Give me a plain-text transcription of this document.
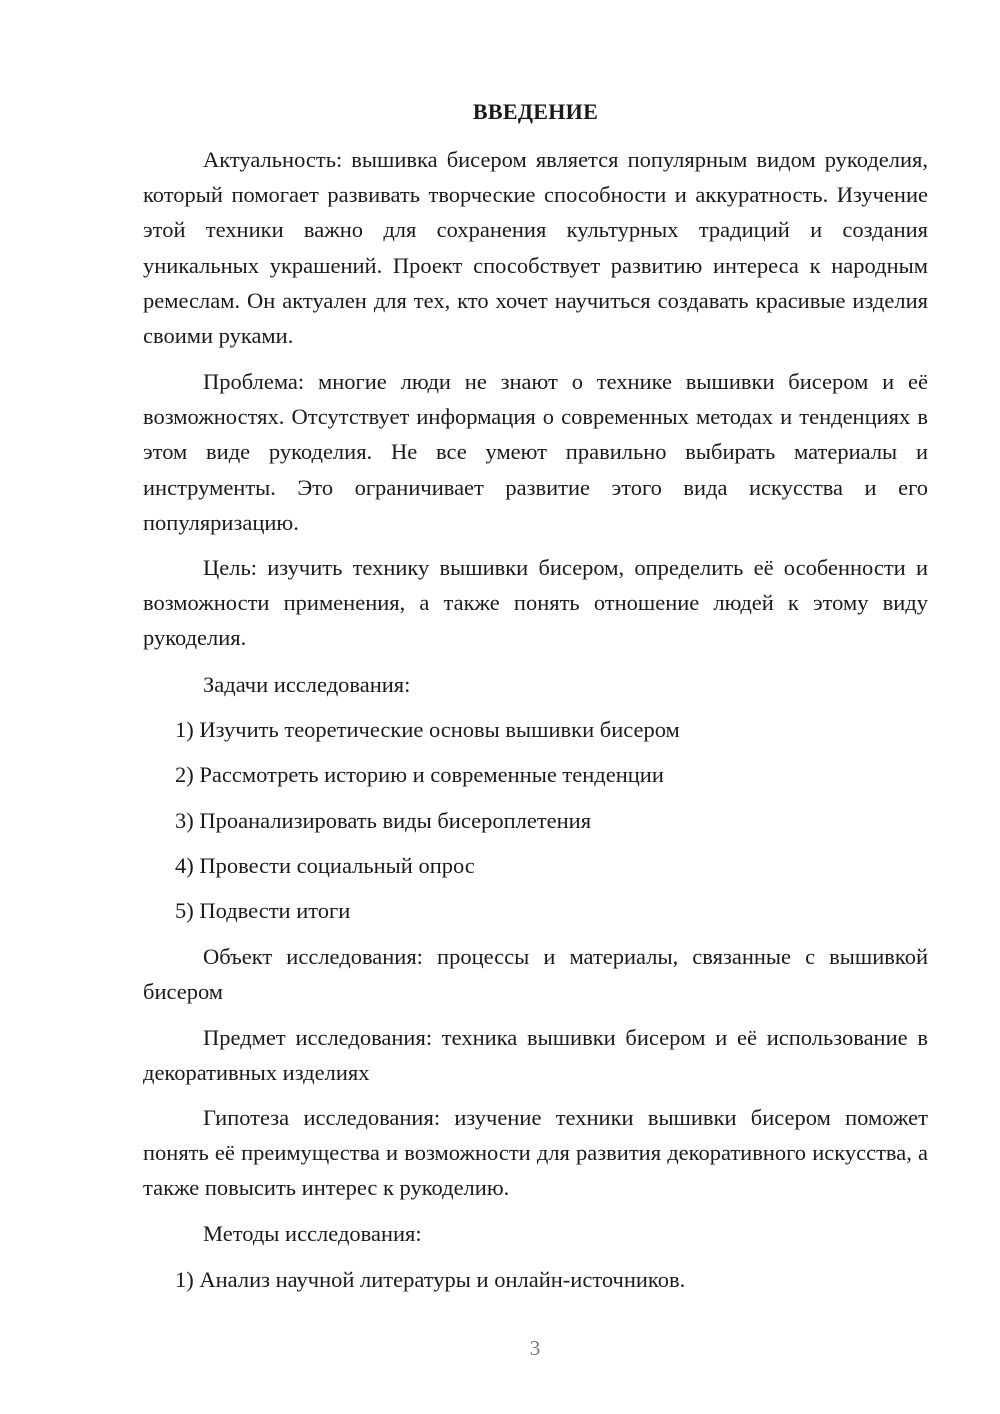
ВВЕДЕНИЕ

Актуальность: вышивка бисером является популярным видом рукоделия, который помогает развивать творческие способности и аккуратность. Изучение этой техники важно для сохранения культурных традиций и создания уникальных украшений. Проект способствует развитию интереса к народным ремеслам. Он актуален для тех, кто хочет научиться создавать красивые изделия своими руками.

Проблема: многие люди не знают о технике вышивки бисером и её возможностях. Отсутствует информация о современных методах и тенденциях в этом виде рукоделия. Не все умеют правильно выбирать материалы и инструменты. Это ограничивает развитие этого вида искусства и его популяризацию.

Цель: изучить технику вышивки бисером, определить её особенности и возможности применения, а также понять отношение людей к этому виду рукоделия.

Задачи исследования:

1) Изучить теоретические основы вышивки бисером

2) Рассмотреть историю и современные тенденции

3) Проанализировать виды бисероплетения

4) Провести социальный опрос

5) Подвести итоги

Объект исследования: процессы и материалы, связанные с вышивкой бисером

Предмет исследования: техника вышивки бисером и её использование в декоративных изделиях

Гипотеза исследования: изучение техники вышивки бисером поможет понять её преимущества и возможности для развития декоративного искусства, а также повысить интерес к рукоделию.

Методы исследования:

1) Анализ научной литературы и онлайн-источников.

3
